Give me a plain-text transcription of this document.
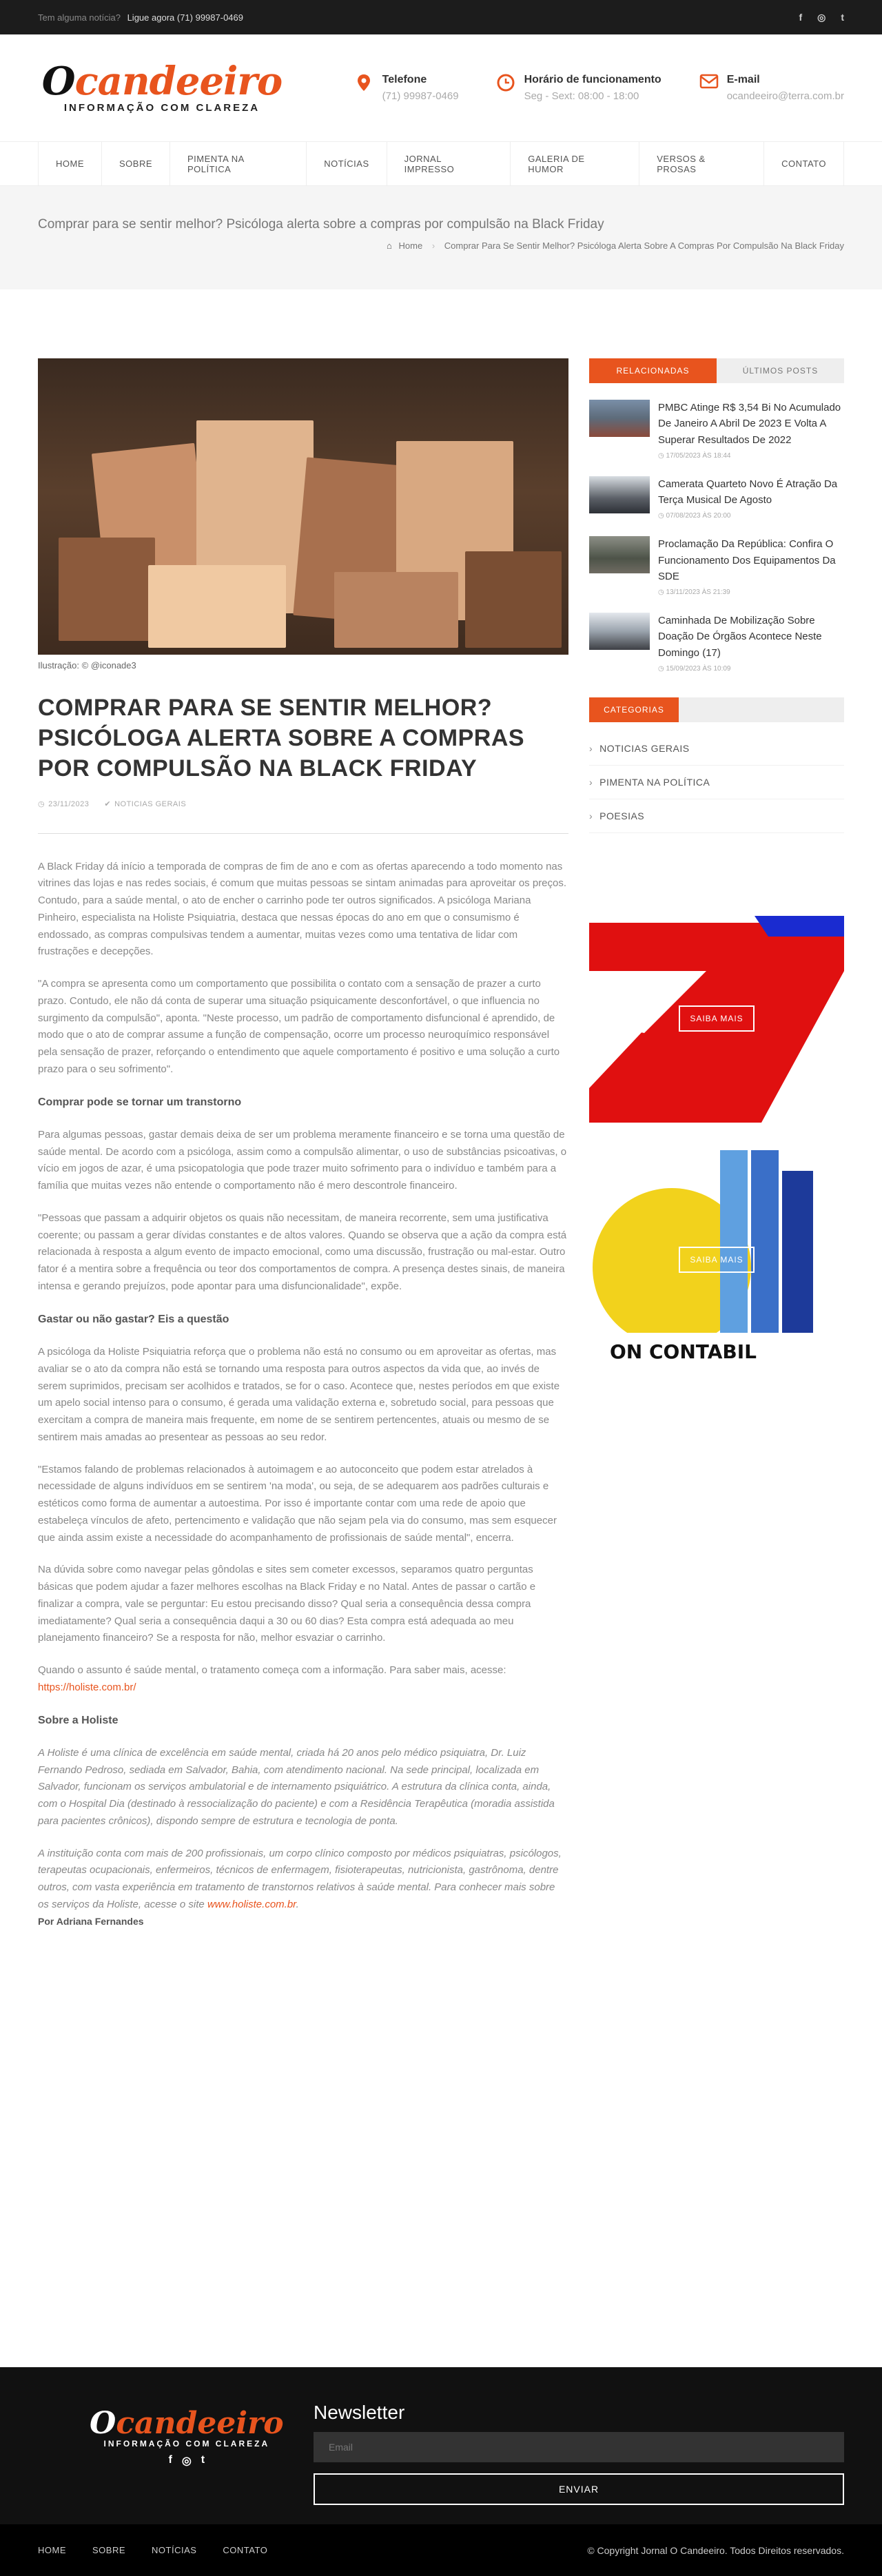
Tem alguma notícia? Ligue agora (71) 99987-0469	f ◎ t
Ocandeeiro
INFORMAÇÃO COM CLAREZA
Telefone
(71) 99987-0469
Horário de funcionamento
Seg - Sext: 08:00 - 18:00
E-mail
ocandeeiro@terra.com.br
HOME	SOBRE	PIMENTA NA POLÍTICA	NOTÍCIAS	JORNAL IMPRESSO
GALERIA DE HUMOR
VERSOS & PROSAS	CONTATO
Comprar para se sentir melhor? Psicóloga alerta sobre a compras por compulsão na Black Friday
⌂ Home › Comprar Para Se Sentir Melhor? Psicóloga Alerta Sobre A Compras Por Compulsão Na Black Friday
Ilustração: © @iconade3
COMPRAR PARA SE SENTIR MELHOR? PSICÓLOGA ALERTA SOBRE A COMPRAS POR COMPULSÃO NA BLACK FRIDAY
◷ 23/11/2023 ✔ NOTICIAS GERAIS

A Black Friday dá início a temporada de compras de fim de ano e com as ofertas aparecendo a todo momento nas vitrines das lojas e nas redes sociais, é comum que muitas pessoas se sintam animadas para aproveitar os preços. Contudo, para a saúde mental, o ato de encher o carrinho pode ter outros significados. A psicóloga Mariana Pinheiro, especialista na Holiste Psiquiatria, destaca que nessas épocas do ano em que o consumismo é endossado, as compras compulsivas tendem a aumentar, muitas vezes como uma tentativa de lidar com frustrações e decepções.

"A compra se apresenta como um comportamento que possibilita o contato com a sensação de prazer a curto prazo. Contudo, ele não dá conta de superar uma situação psiquicamente desconfortável, o que influencia no surgimento da compulsão", aponta. "Neste processo, um padrão de comportamento disfuncional é aprendido, de modo que o ato de comprar assume a função de compensação, ocorre um processo neuroquímico responsável pela sensação de prazer, reforçando o entendimento que aquele comportamento é positivo e uma solução a curto prazo para o seu sofrimento".

Comprar pode se tornar um transtorno

Para algumas pessoas, gastar demais deixa de ser um problema meramente financeiro e se torna uma questão de saúde mental. De acordo com a psicóloga, assim como a compulsão alimentar, o uso de substâncias psicoativas, o vício em jogos de azar, é uma psicopatologia que pode trazer muito sofrimento para o indivíduo e também para a família que muitas vezes não entende o comportamento não é mero descontrole financeiro.

"Pessoas que passam a adquirir objetos os quais não necessitam, de maneira recorrente, sem uma justificativa coerente; ou passam a gerar dívidas constantes e de altos valores. Quando se observa que a ação da compra está relacionada à resposta a algum evento de impacto emocional, como uma discussão, frustração ou mal-estar. Outro fator é a mentira sobre a frequência ou teor dos comportamentos de compra. A presença destes sinais, de maneira intensa e gerando prejuízos, pode apontar para uma disfuncionalidade", expõe.

Gastar ou não gastar? Eis a questão

A psicóloga da Holiste Psiquiatria reforça que o problema não está no consumo ou em aproveitar as ofertas, mas avaliar se o ato da compra não está se tornando uma resposta para outros aspectos da vida que, ao invés de serem suprimidos, precisam ser acolhidos e tratados, se for o caso. Acontece que, nestes períodos em que existe um apelo social intenso para o consumo, é gerada uma validação externa e, sobretudo social, para pessoas que exercitam a compra de maneira mais frequente, em nome de se sentirem pertencentes, atuais ou mesmo de se sentirem mais amadas ao presentear as pessoas ao seu redor.

"Estamos falando de problemas relacionados à autoimagem e ao autoconceito que podem estar atrelados à necessidade de alguns indivíduos em se sentirem 'na moda', ou seja, de se adequarem aos padrões culturais e estéticos como forma de aumentar a autoestima. Por isso é importante contar com uma rede de apoio que estabeleça vínculos de afeto, pertencimento e validação que não sejam pela via do consumo, mas sem esquecer que ainda assim existe a necessidade do acompanhamento de profissionais de saúde mental", encerra.

Na dúvida sobre como navegar pelas gôndolas e sites sem cometer excessos, separamos quatro perguntas básicas que podem ajudar a fazer melhores escolhas na Black Friday e no Natal. Antes de passar o cartão e finalizar a compra, vale se perguntar: Eu estou precisando disso? Qual seria a consequência dessa compra imediatamente? Qual seria a consequência daqui a 30 ou 60 dias? Esta compra está adequada ao meu planejamento financeiro? Se a resposta for não, melhor esvaziar o carrinho.

Quando o assunto é saúde mental, o tratamento começa com a informação. Para saber mais, acesse: https://holiste.com.br/

Sobre a Holiste

A Holiste é uma clínica de excelência em saúde mental, criada há 20 anos pelo médico psiquiatra, Dr. Luiz Fernando Pedroso, sediada em Salvador, Bahia, com atendimento nacional. Na sede principal, localizada em Salvador, funcionam os serviços ambulatorial e de internamento psiquiátrico. A estrutura da clínica conta, ainda, com o Hospital Dia (destinado à ressocialização do paciente) e com a Residência Terapêutica (moradia assistida para pacientes crônicos), dispondo sempre de estrutura e tecnologia de ponta.

A instituição conta com mais de 200 profissionais, um corpo clínico composto por médicos psiquiatras, psicólogos, terapeutas ocupacionais, enfermeiros, técnicos de enfermagem, fisioterapeutas, nutricionista, gastrônoma, dentre outros, com vasta experiência em tratamento de transtornos relativos à saúde mental. Para conhecer mais sobre os serviços da Holiste, acesse o site www.holiste.com.br.

Por Adriana Fernandes
RELACIONADAS	ÚLTIMOS POSTS
PMBC Atinge R$ 3,54 Bi No Acumulado De Janeiro A Abril De 2023 E Volta A Superar Resultados De 2022
◷ 17/05/2023 ÀS 18:44
Camerata Quarteto Novo É Atração Da Terça Musical De Agosto
◷ 07/08/2023 ÀS 20:00
Proclamação Da República: Confira O Funcionamento Dos Equipamentos Da SDE
◷ 13/11/2023 ÀS 21:39
Caminhada De Mobilização Sobre Doação De Órgãos Acontece Neste Domingo (17)
◷ 15/09/2023 ÀS 10:09
CATEGORIAS
› NOTICIAS GERAIS
› PIMENTA NA POLÍTICA
› POESIAS
SAIBA MAIS
ON CONTABIL
SAIBA MAIS
Ocandeeiro
INFORMAÇÃO COM CLAREZA
f ◎ t
Newsletter
Email
ENVIAR
HOME	SOBRE	NOTÍCIAS	CONTATO	© Copyright Jornal O Candeeiro. Todos Direitos reservados.
